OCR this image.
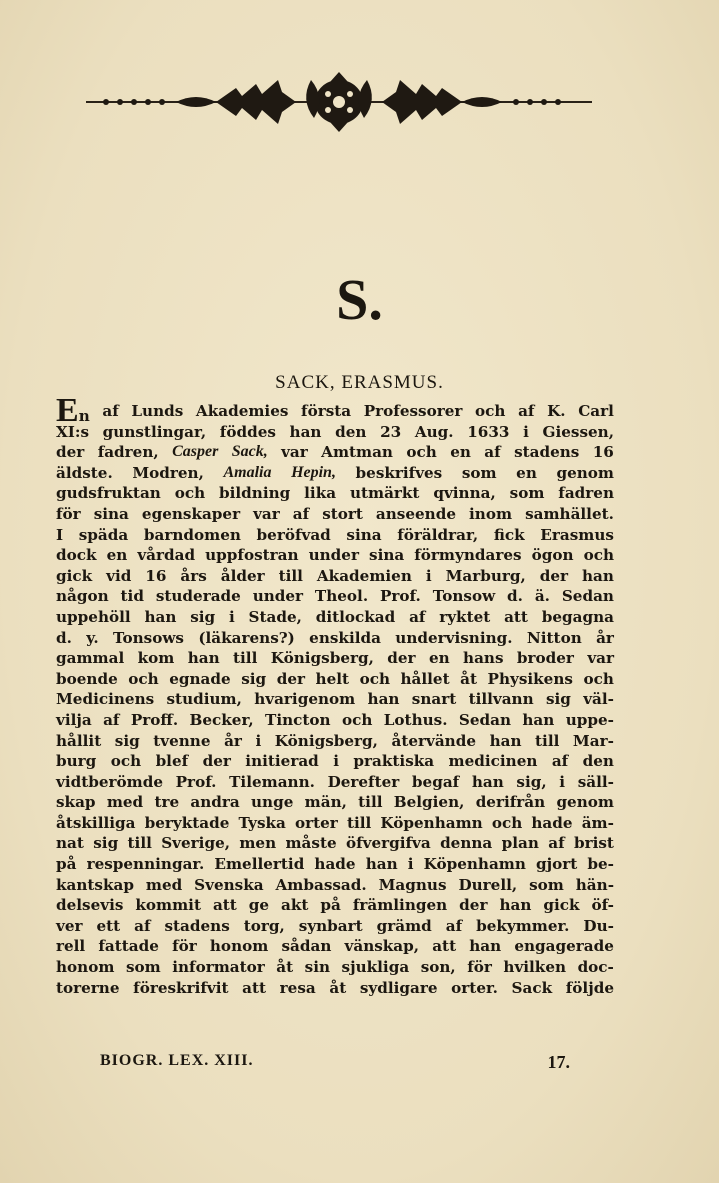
S.
SACK, ERASMUS.
E n af Lunds Akademies första Professorer och af K. Carl
XI:s gunstlingar, föddes han den 23 Aug. 1633 i Giessen,
der fadren, Casper Sack, var Amtman och en af stadens 16
äldste. Modren, Amalia Hepin, beskrifves som en genom
gudsfruktan och bildning lika utmärkt qvinna, som fadren
för sina egenskaper var af stort anseende inom samhället.
I späda barndomen beröfvad sina föräldrar, fick Erasmus
dock en vårdad uppfostran under sina förmyndares ögon och
gick vid 16 års ålder till Akademien i Marburg, der han
någon tid studerade under Theol. Prof. Tonsow d. ä. Sedan
uppehöll han sig i Stade, ditlockad af ryktet att begagna
d. y. Tonsows (läkarens?) enskilda undervisning. Nitton år
gammal kom han till Königsberg, der en hans broder var
boende och egnade sig der helt och hållet åt Physikens och
Medicinens studium, hvarigenom han snart tillvann sig väl-
vilja af Proff. Becker, Tincton och Lothus. Sedan han uppe-
hållit sig tvenne år i Königsberg, återvände han till Mar-
burg och blef der initierad i praktiska medicinen af den
vidtberömde Prof. Tilemann. Derefter begaf han sig, i säll-
skap med tre andra unge män, till Belgien, derifrån genom
åtskilliga beryktade Tyska orter till Köpenhamn och hade äm-
nat sig till Sverige, men måste öfvergifva denna plan af brist
på respenningar. Emellertid hade han i Köpenhamn gjort be-
kantskap med Svenska Ambassad. Magnus Durell, som hän-
delsevis kommit att ge akt på främlingen der han gick öf-
ver ett af stadens torg, synbart grämd af bekymmer. Du-
rell fattade för honom sådan vänskap, att han engagerade
honom som informator åt sin sjukliga son, för hvilken doc-
torerne föreskrifvit att resa åt sydligare orter. Sack följde
BIOGR. LEX. XIII.	17.
